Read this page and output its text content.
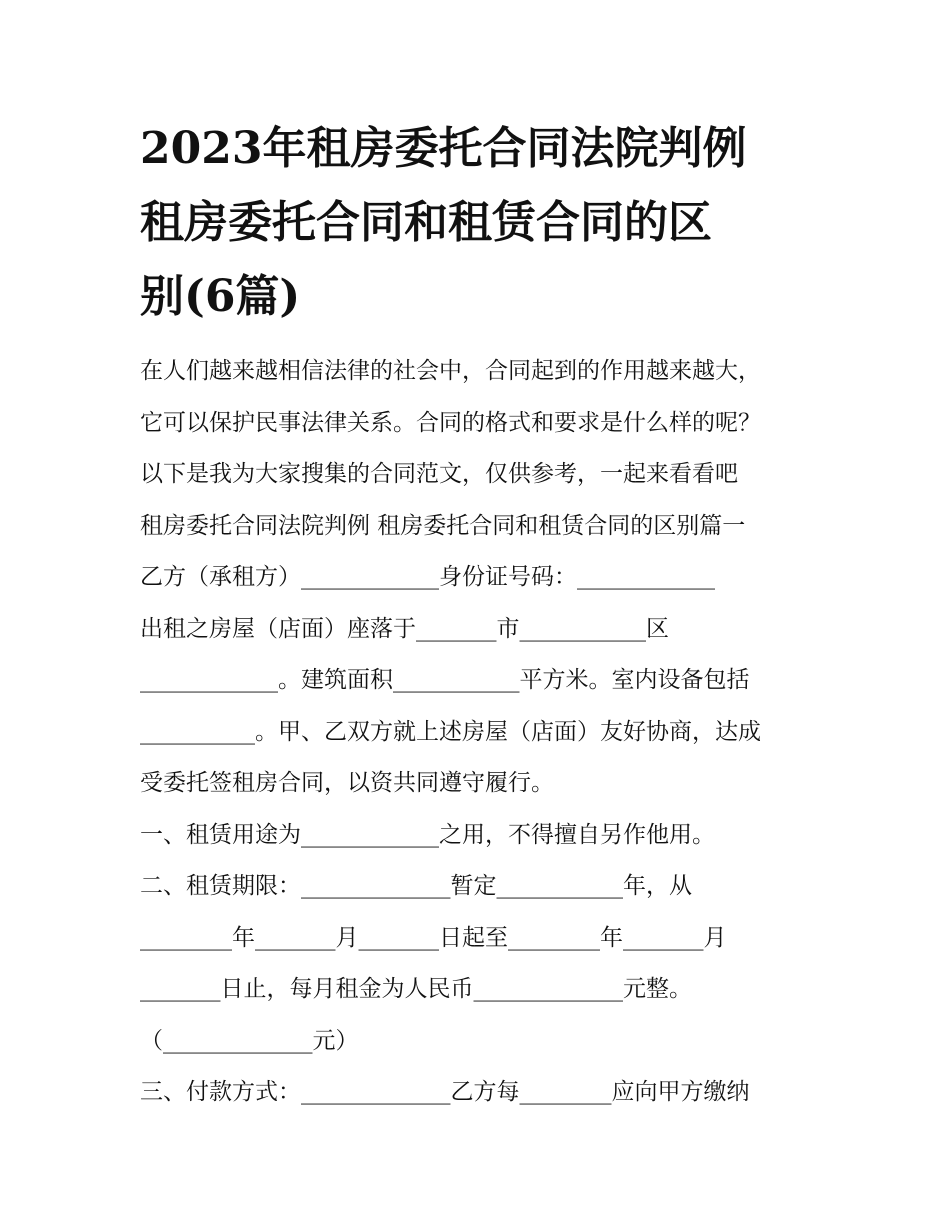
2023年租房委托合同法院判例
租房委托合同和租赁合同的区
别(6篇)
在人们越来越相信法律的社会中，合同起到的作用越来越大，
它可以保护民事法律关系。合同的格式和要求是什么样的呢？
以下是我为大家搜集的合同范文，仅供参考，一起来看看吧
租房委托合同法院判例 租房委托合同和租赁合同的区别篇一
乙方（承租方）____________身份证号码：____________
出租之房屋（店面）座落于_______市___________区
____________。建筑面积___________平方米。室内设备包括
__________。甲、乙双方就上述房屋（店面）友好协商，达成
受委托签租房合同，以资共同遵守履行。
一、租赁用途为____________之用，不得擅自另作他用。
二、租赁期限：_____________暂定___________年，从
________年_______月_______日起至________年_______月
_______日止，每月租金为人民币_____________元整。
（_____________元）
三、付款方式：_____________乙方每________应向甲方缴纳
